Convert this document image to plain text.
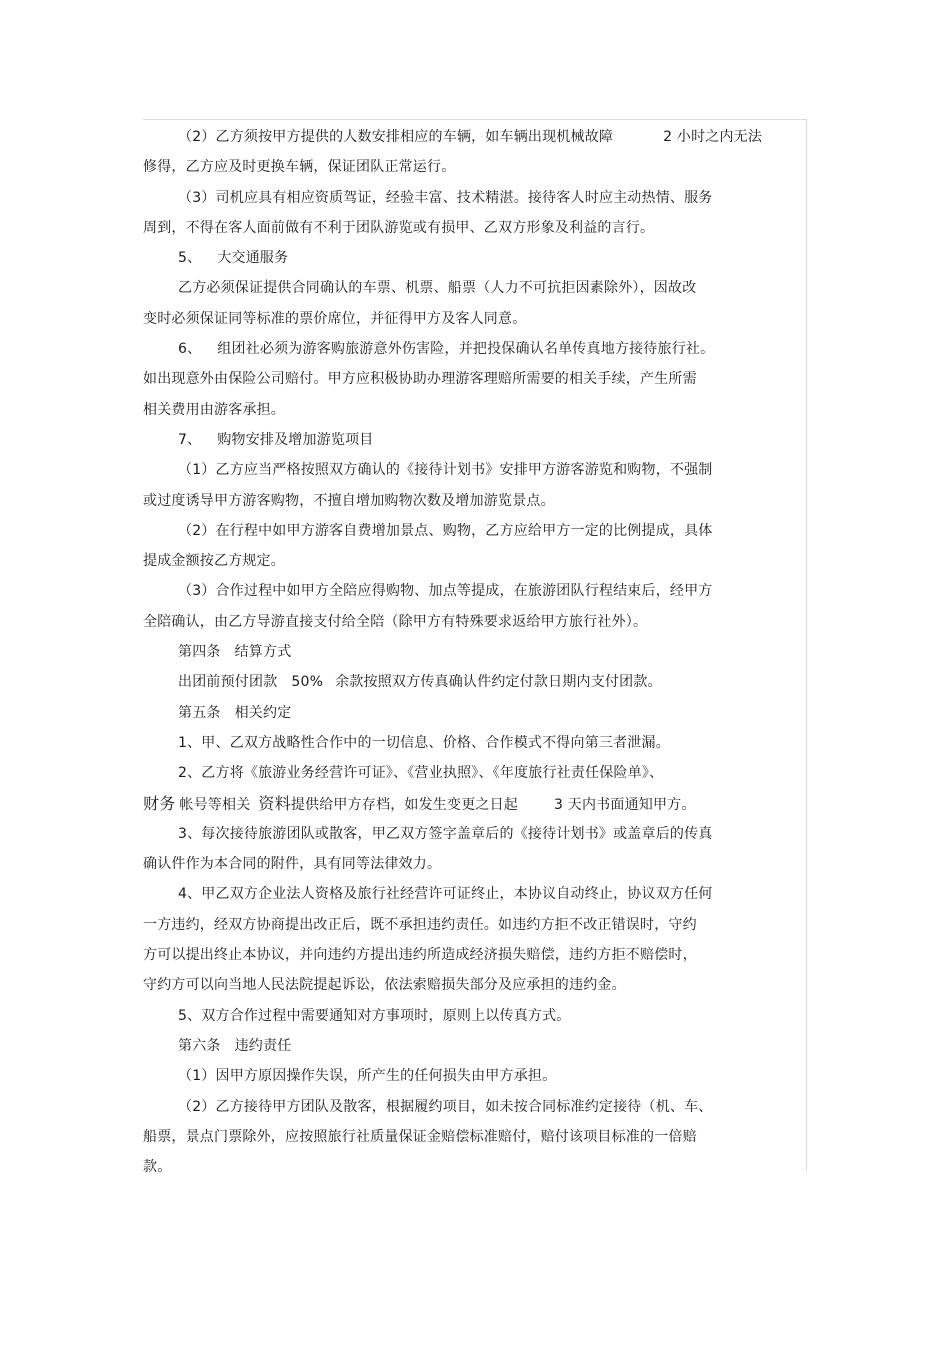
（2）乙方须按甲方提供的人数安排相应的车辆，如车辆出现机械故障	2 小时之内无法
修得，乙方应及时更换车辆，保证团队正常运行。
（3）司机应具有相应资质驾证，经验丰富、技术精湛。接待客人时应主动热情、服务
周到，不得在客人面前做有不利于团队游览或有损甲、乙双方形象及利益的言行。
5、 大交通服务
乙方必须保证提供合同确认的车票、机票、船票（人力不可抗拒因素除外），因故改
变时必须保证同等标准的票价席位，并征得甲方及客人同意。
6、 组团社必须为游客购旅游意外伤害险，并把投保确认名单传真地方接待旅行社。
如出现意外由保险公司赔付。甲方应积极协助办理游客理赔所需要的相关手续，产生所需
相关费用由游客承担。
7、 购物安排及增加游览项目
（1）乙方应当严格按照双方确认的《接待计划书》安排甲方游客游览和购物，不强制
或过度诱导甲方游客购物，不擅自增加购物次数及增加游览景点。
（2）在行程中如甲方游客自费增加景点、购物，乙方应给甲方一定的比例提成，具体
提成金额按乙方规定。
（3）合作过程中如甲方全陪应得购物、加点等提成，在旅游团队行程结束后，经甲方
全陪确认，由乙方导游直接支付给全陪（除甲方有特殊要求返给甲方旅行社外）。
第四条 结算方式
出团前预付团款 50% 余款按照双方传真确认件约定付款日期内支付团款。
第五条 相关约定
1、甲、乙双方战略性合作中的一切信息、价格、合作模式不得向第三者泄漏。
2、乙方将《旅游业务经营许可证》、《营业执照》、《年度旅行社责任保险单》、
财务 帐号等相关 资料提供给甲方存档，如发生变更之日起	3 天内书面通知甲方。
3、每次接待旅游团队或散客，甲乙双方签字盖章后的《接待计划书》或盖章后的传真
确认件作为本合同的附件，具有同等法律效力。
4、甲乙双方企业法人资格及旅行社经营许可证终止，本协议自动终止，协议双方任何
一方违约，经双方协商提出改正后，既不承担违约责任。如违约方拒不改正错误时，守约
方可以提出终止本协议，并向违约方提出违约所造成经济损失赔偿，违约方拒不赔偿时，
守约方可以向当地人民法院提起诉讼，依法索赔损失部分及应承担的违约金。
5、双方合作过程中需要通知对方事项时，原则上以传真方式。
第六条 违约责任
（1）因甲方原因操作失误，所产生的任何损失由甲方承担。
（2）乙方接待甲方团队及散客，根据履约项目，如未按合同标准约定接待（机、车、
船票，景点门票除外，应按照旅行社质量保证金赔偿标准赔付，赔付该项目标准的一倍赔
款。
